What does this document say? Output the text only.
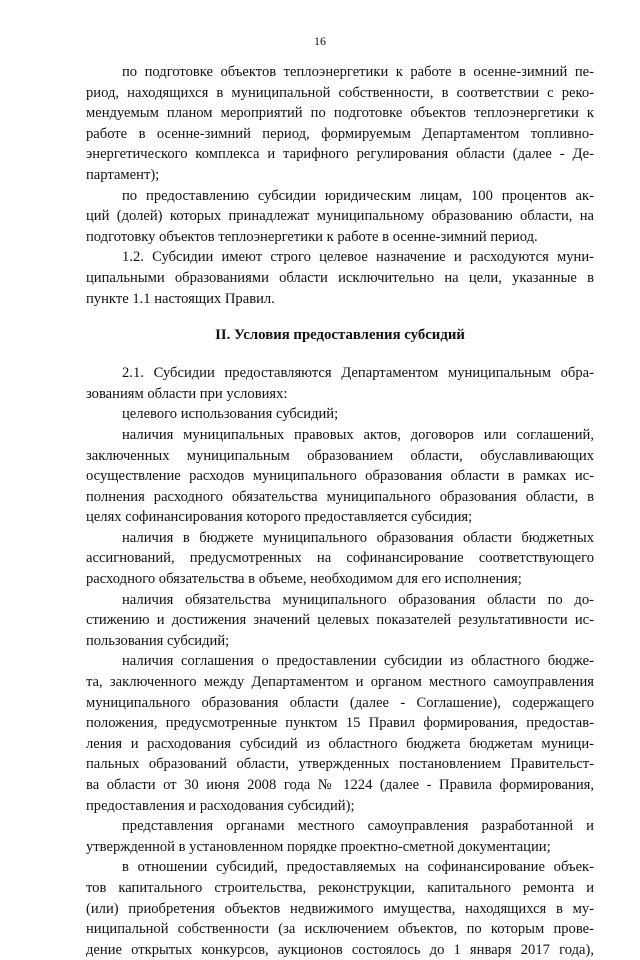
16
по подготовке объектов теплоэнергетики к работе в осенне-зимний пе-
риод, находящихся в муниципальной собственности, в соответствии с реко-
мендуемым планом мероприятий по подготовке объектов теплоэнергетики к
работе в осенне-зимний период, формируемым Департаментом топливно-
энергетического комплекса и тарифного регулирования области (далее - Де-
партамент);
по предоставлению субсидии юридическим лицам, 100 процентов ак-
ций (долей) которых принадлежат муниципальному образованию области, на
подготовку объектов теплоэнергетики к работе в осенне-зимний период.
1.2. Субсидии имеют строго целевое назначение и расходуются муни-
ципальными образованиями области исключительно на цели, указанные в
пункте 1.1 настоящих Правил.
II. Условия предоставления субсидий
2.1. Субсидии предоставляются Департаментом муниципальным обра-
зованиям области при условиях:
целевого использования субсидий;
наличия муниципальных правовых актов, договоров или соглашений,
заключенных муниципальным образованием области, обуславливающих
осуществление расходов муниципального образования области в рамках ис-
полнения расходного обязательства муниципального образования области, в
целях софинансирования которого предоставляется субсидия;
наличия в бюджете муниципального образования области бюджетных
ассигнований, предусмотренных на софинансирование соответствующего
расходного обязательства в объеме, необходимом для его исполнения;
наличия обязательства муниципального образования области по до-
стижению и достижения значений целевых показателей результативности ис-
пользования субсидий;
наличия соглашения о предоставлении субсидии из областного бюдже-
та, заключенного между Департаментом и органом местного самоуправления
муниципального образования области (далее - Соглашение), содержащего
положения, предусмотренные пунктом 15 Правил формирования, предостав-
ления и расходования субсидий из областного бюджета бюджетам муници-
пальных образований области, утвержденных постановлением Правительст-
ва области от 30 июня 2008 года № 1224 (далее - Правила формирования,
предоставления и расходования субсидий);
представления органами местного самоуправления разработанной и
утвержденной в установленном порядке проектно-сметной документации;
в отношении субсидий, предоставляемых на софинансирование объек-
тов капитального строительства, реконструкции, капитального ремонта и
(или) приобретения объектов недвижимого имущества, находящихся в му-
ниципальной собственности (за исключением объектов, по которым прове-
дение открытых конкурсов, аукционов состоялось до 1 января 2017 года),
